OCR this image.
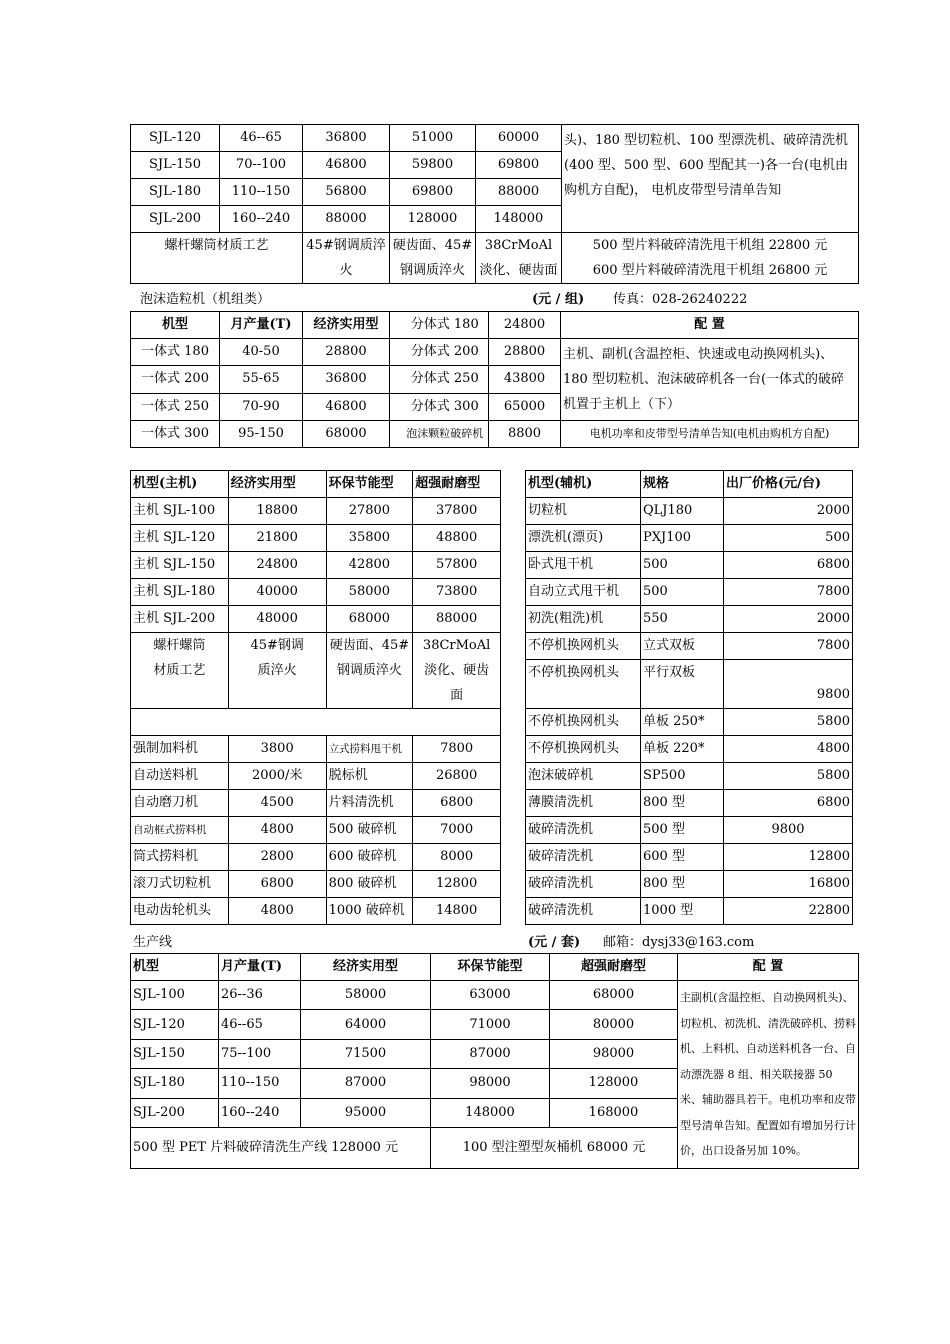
SJL-120	46--65	36800	51000	60000	头)、180 型切粒机、100 型漂洗机、破碎清洗机(400 型、500 型、600 型配其一)各一台(电机由购机方自配)， 电机皮带型号清单告知
SJL-150	70--100	46800	59800	69800	
SJL-180	110--150	56800	69800	88000	
SJL-200	160--240	88000	128000	148000	
螺杆螺筒材质工艺		45#钢调质淬火	硬齿面、45#钢调质淬火	38CrMoAl 淡化、硬齿面	500 型片料破碎清洗甩干机组 22800 元
600 型片料破碎清洗甩干机组 26800 元
泡沫造粒机（机组类）	(元 / 组) 传真：028-26240222
机型	月产量(T)	经济实用型		分体式 180	24800	配 置
一体式 180	40-50	28800		分体式 200	28800	主机、副机(含温控柜、快速或电动换网机头)、180 型切粒机、泡沫破碎机各一台(一体式的破碎机置于主机上（下）
一体式 200	55-65	36800		分体式 250	43800	
一体式 250	70-90	46800		分体式 300	65000	
一体式 300	95-150	68000		泡沫颗粒破碎机	8800	电机功率和皮带型号清单告知(电机由购机方自配)
机型(主机)	经济实用型	环保节能型	超强耐磨型
主机 SJL-100	18800	27800	37800
主机 SJL-120	21800	35800	48800
主机 SJL-150	24800	42800	57800
主机 SJL-180	40000	58000	73800
主机 SJL-200	48000	68000	88000
螺杆螺筒材质工艺	45#钢调质淬火	硬齿面、45#钢调质淬火	38CrMoAl 淡化、硬齿面

强制加料机	3800	立式捞料甩干机	7800
自动送料机	2000/米	脱标机	26800
自动磨刀机	4500	片料清洗机	6800
自动框式捞料机	4800	500 破碎机	7000
筒式捞料机	2800	600 破碎机	8000
滚刀式切粒机	6800	800 破碎机	12800
电动齿轮机头	4800	1000 破碎机	14800
机型(辅机)	规格	出厂价格(元/台)
切粒机	QLJ180	2000
漂洗机(漂页)	PXJ100	500
卧式甩干机	500	6800
自动立式甩干机	500	7800
初洗(粗洗)机	550	2000
不停机换网机头	立式双板	7800
不停机换网机头	平行双板	9800
不停机换网机头	单板 250*	5800
不停机换网机头	单板 220*	4800
泡沫破碎机	SP500	5800
薄膜清洗机	800 型	6800
破碎清洗机	500 型	9800
破碎清洗机	600 型	12800
破碎清洗机	800 型	16800
破碎清洗机	1000 型	22800
生产线	(元 / 套) 邮箱：dysj33@163.com
机型	月产量(T)	经济实用型	环保节能型	超强耐磨型	配 置
SJL-100	26--36	58000	63000	68000	主副机(含温控柜、自动换网机头)、切粒机、初洗机、清洗破碎机、捞料机、上料机、自动送料机各一台、自动漂洗器 8 组、相关联接器 50 米、辅助器具若干。电机功率和皮带型号清单告知。配置如有增加另行计价，出口设备另加 10%。
SJL-120	46--65	64000	71000	80000	
SJL-150	75--100	71500	87000	98000	
SJL-180	110--150	87000	98000	128000	
SJL-200	160--240	95000	148000	168000	
500 型 PET 片料破碎清洗生产线 128000 元			100 型注塑型灰桶机 68000 元		
